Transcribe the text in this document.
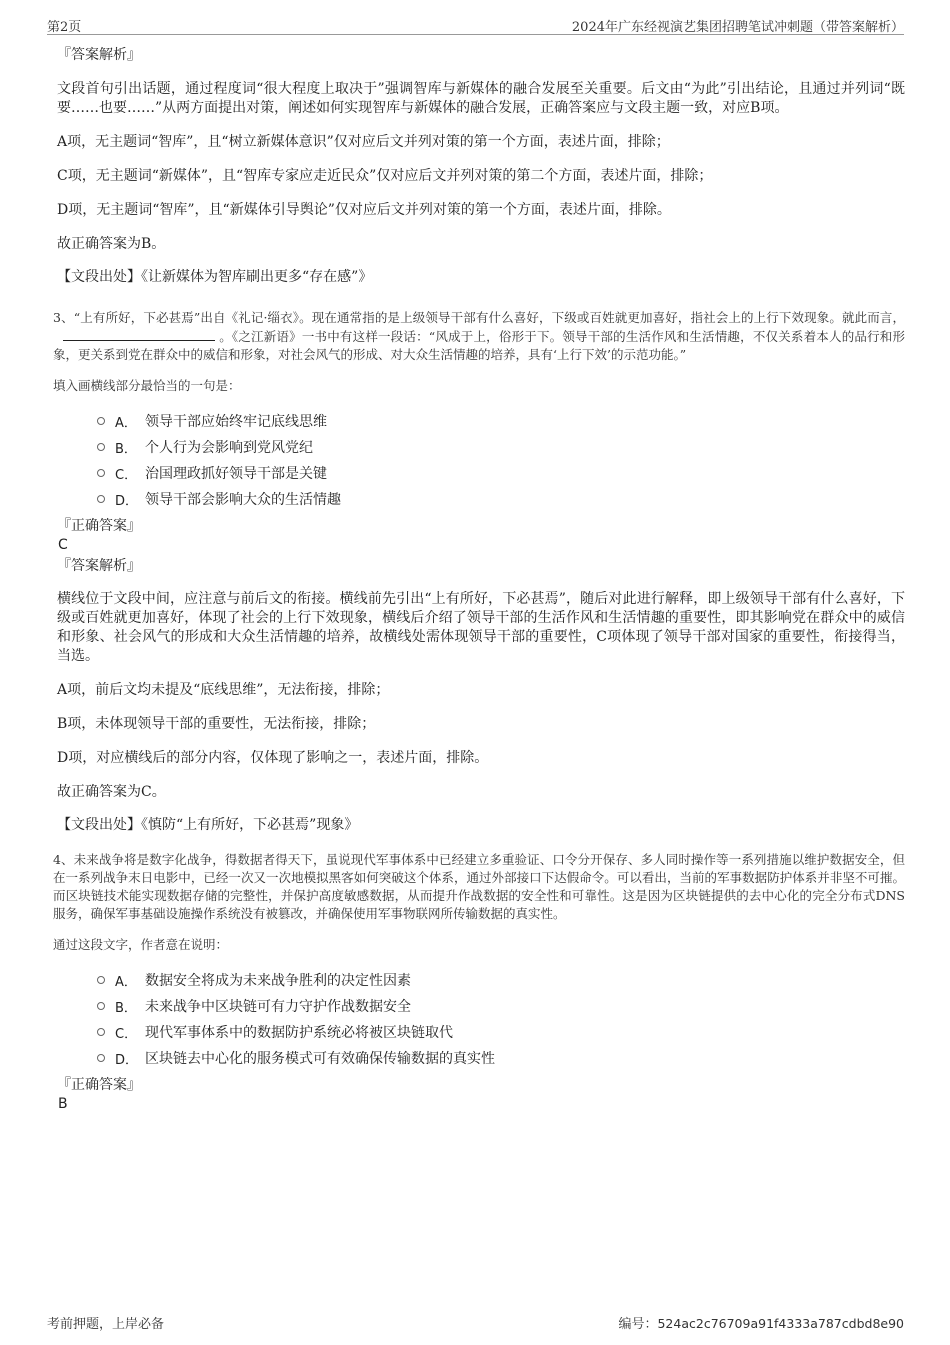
第2页	2024年广东经视演艺集团招聘笔试冲刺题（带答案解析）

『答案解析』

文段首句引出话题，通过程度词“很大程度上取决于”强调智库与新媒体的融合发展至关重要。后文由“为此”引出结论，且通过并列词“既要……也要……”从两方面提出对策，阐述如何实现智库与新媒体的融合发展，正确答案应与文段主题一致，对应B项。

A项，无主题词“智库”，且“树立新媒体意识”仅对应后文并列对策的第一个方面，表述片面，排除；

C项，无主题词“新媒体”，且“智库专家应走近民众”仅对应后文并列对策的第二个方面，表述片面，排除；

D项，无主题词“智库”，且“新媒体引导舆论”仅对应后文并列对策的第一个方面，表述片面，排除。

故正确答案为B。

【文段出处】《让新媒体为智库刷出更多“存在感”》

3、“上有所好，下必甚焉”出自《礼记·缁衣》。现在通常指的是上级领导干部有什么喜好，下级或百姓就更加喜好，指社会上的上行下效现象。就此而言，。《之江新语》一书中有这样一段话：“风成于上，俗形于下。领导干部的生活作风和生活情趣，不仅关系着本人的品行和形象，更关系到党在群众中的威信和形象，对社会风气的形成、对大众生活情趣的培养，具有‘上行下效’的示范功能。”

填入画横线部分最恰当的一句是：

A． 领导干部应始终牢记底线思维
B． 个人行为会影响到党风党纪
C． 治国理政抓好领导干部是关键
D． 领导干部会影响大众的生活情趣

『正确答案』

C

『答案解析』

横线位于文段中间，应注意与前后文的衔接。横线前先引出“上有所好，下必甚焉”，随后对此进行解释，即上级领导干部有什么喜好，下级或百姓就更加喜好，体现了社会的上行下效现象，横线后介绍了领导干部的生活作风和生活情趣的重要性，即其影响党在群众中的威信和形象、社会风气的形成和大众生活情趣的培养，故横线处需体现领导干部的重要性，C项体现了领导干部对国家的重要性，衔接得当，当选。

A项，前后文均未提及“底线思维”，无法衔接，排除；

B项，未体现领导干部的重要性，无法衔接，排除；

D项，对应横线后的部分内容，仅体现了影响之一，表述片面，排除。

故正确答案为C。

【文段出处】《慎防“上有所好，下必甚焉”现象》

4、未来战争将是数字化战争，得数据者得天下，虽说现代军事体系中已经建立多重验证、口令分开保存、多人同时操作等一系列措施以维护数据安全，但在一系列战争末日电影中，已经一次又一次地模拟黑客如何突破这个体系，通过外部接口下达假命令。可以看出，当前的军事数据防护体系并非坚不可摧。而区块链技术能实现数据存储的完整性，并保护高度敏感数据，从而提升作战数据的安全性和可靠性。这是因为区块链提供的去中心化的完全分布式DNS服务，确保军事基础设施操作系统没有被篡改，并确保使用军事物联网所传输数据的真实性。

通过这段文字，作者意在说明：

A． 数据安全将成为未来战争胜利的决定性因素
B． 未来战争中区块链可有力守护作战数据安全
C． 现代军事体系中的数据防护系统必将被区块链取代
D． 区块链去中心化的服务模式可有效确保传输数据的真实性

『正确答案』

B

考前押题，上岸必备	编号：524ac2c76709a91f4333a787cdbd8e90
